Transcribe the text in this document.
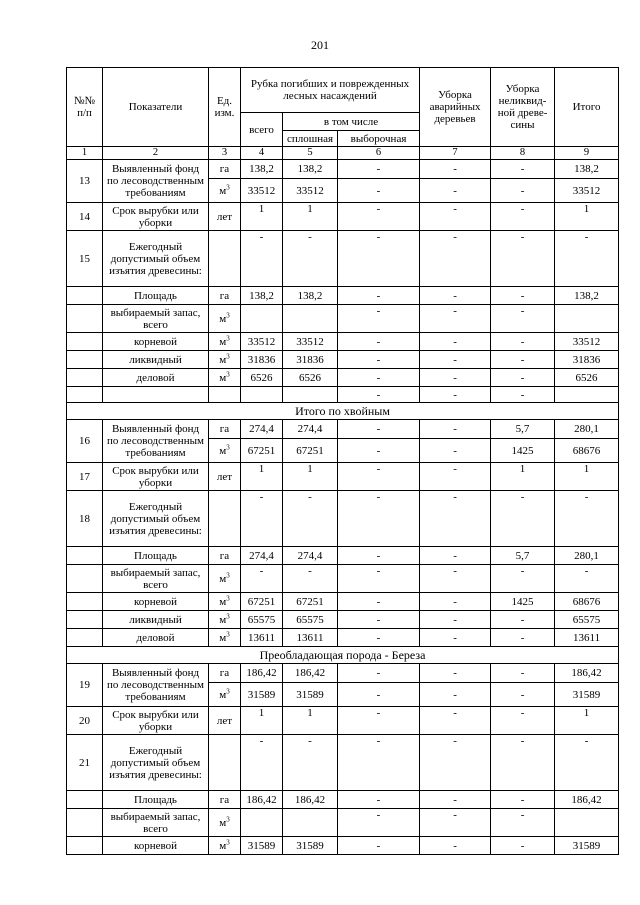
201
№№ п/п	Показатели	Ед. изм.	Рубка погибших и поврежденных лесных насаждений			Уборка аварийных деревьев	Уборка неликвидной древесины	Итого
			всего	в том числе				
				сплошная	выборочная			
1	2	3	4	5	6	7	8	9
13	Выявленный фонд по лесоводственным требованиям	га	138,2	138,2	-	-	-	138,2
		$м^3$	33512	33512	-	-	-	33512
14	Срок вырубки или уборки	лет	1	1	-	-	-	1
15	Ежегодный допустимый объем изъятия древесины:		-	-	-	-	-	-
	Площадь	га	138,2	138,2	-	-	-	138,2
	выбираемый запас, всего	$м^3$			-	-	-	
	корневой	$м^3$	33512	33512	-	-	-	33512
	ликвидный	$м^3$	31836	31836	-	-	-	31836
	деловой	$м^3$	6526	6526	-	-	-	6526
					-	-	-	
Итого по хвойным								
16	Выявленный фонд по лесоводственным требованиям	га	274,4	274,4	-	-	5,7	280,1
		$м^3$	67251	67251	-	-	1425	68676
17	Срок вырубки или уборки	лет	1	1	-	-	1	1
18	Ежегодный допустимый объем изъятия древесины:		-	-	-	-	-	-
	Площадь	га	274,4	274,4	-	-	5,7	280,1
	выбираемый запас, всего	$м^3$	-	-	-	-	-	-
	корневой	$м^3$	67251	67251	-	-	1425	68676
	ликвидный	$м^3$	65575	65575	-	-	-	65575
	деловой	$м^3$	13611	13611	-	-	-	13611
Преобладающая порода - Береза								
19	Выявленный фонд по лесоводственным требованиям	га	186,42	186,42	-	-	-	186,42
		$м^3$	31589	31589	-	-	-	31589
20	Срок вырубки или уборки	лет	1	1	-	-	-	1
21	Ежегодный допустимый объем изъятия древесины:		-	-	-	-	-	-
	Площадь	га	186,42	186,42	-	-	-	186,42
	выбираемый запас, всего	$м^3$			-	-	-	
	корневой	$м^3$	31589	31589	-	-	-	31589
